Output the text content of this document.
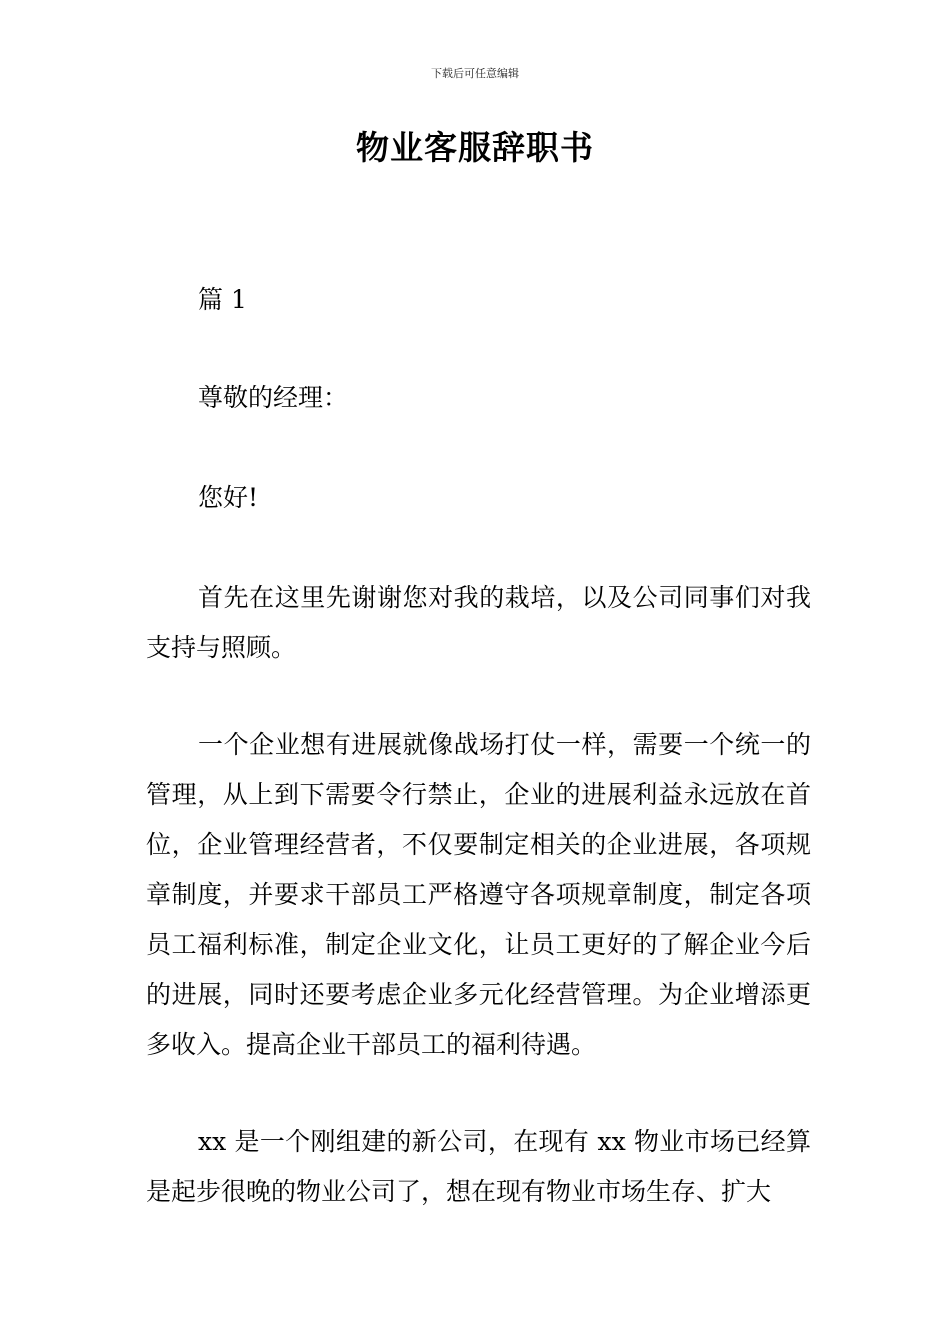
下载后可任意编辑
物业客服辞职书

篇 1

尊敬的经理：

您好!

首先在这里先谢谢您对我的栽培，以及公司同事们对我支持与照顾。

一个企业想有进展就像战场打仗一样，需要一个统一的管理，从上到下需要令行禁止，企业的进展利益永远放在首位，企业管理经营者，不仅要制定相关的企业进展，各项规章制度，并要求干部员工严格遵守各项规章制度，制定各项员工福利标准，制定企业文化，让员工更好的了解企业今后的进展，同时还要考虑企业多元化经营管理。为企业增添更多收入。提高企业干部员工的福利待遇。

xx 是一个刚组建的新公司，在现有 xx 物业市场已经算是起步很晚的物业公司了，想在现有物业市场生存、扩大
